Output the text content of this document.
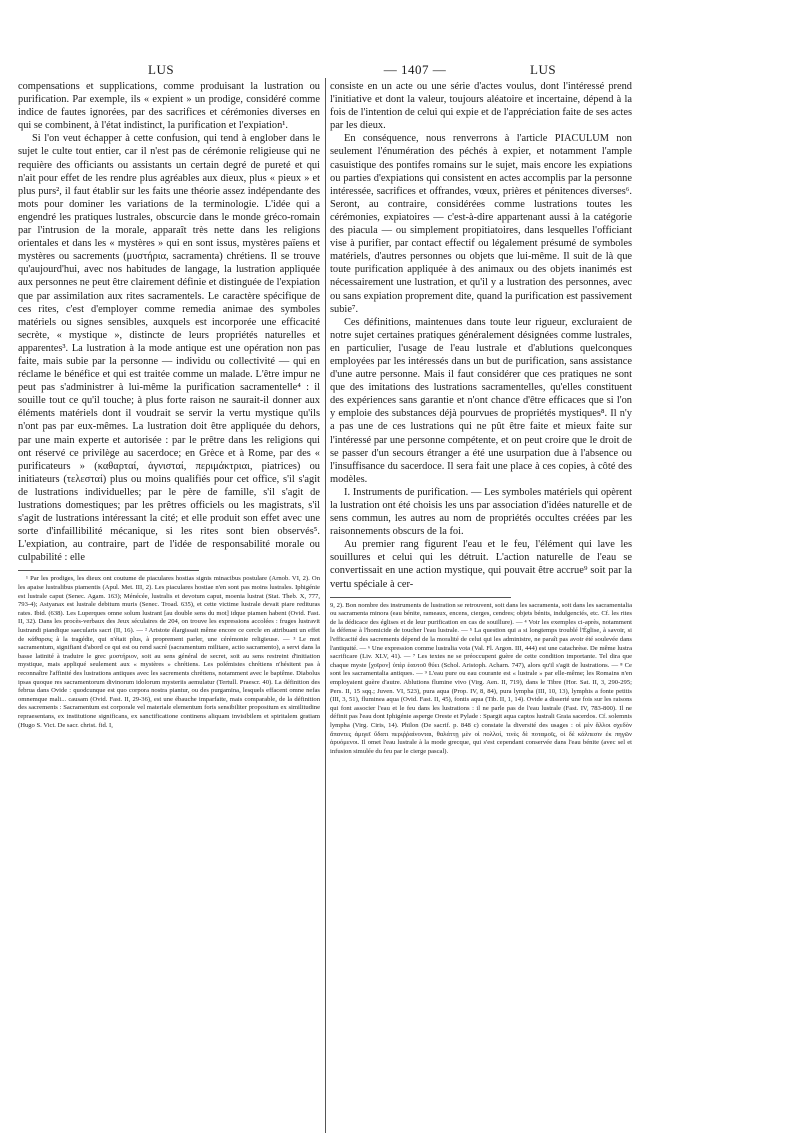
LUS	— 1407 —	LUS

compensations et supplications, comme produisant la lustration ou purification. Par exemple, ils « expient » un prodige, considéré comme indice de fautes ignorées, par des sacrifices et cérémonies diverses en qui se combinent, à l'état indistinct, la purification et l'expiation¹.

Si l'on veut échapper à cette confusion, qui tend à englober dans le sujet le culte tout entier, car il n'est pas de cérémonie religieuse qui ne requière des officiants ou assistants un certain degré de pureté et qui n'ait pour effet de les rendre plus agréables aux dieux, plus « pieux » et plus purs², il faut établir sur les faits une théorie assez indépendante des mots pour dominer les variations de la terminologie. L'idée qui a engendré les pratiques lustrales, obscurcie dans le monde gréco-romain par l'intrusion de la morale, apparaît très nette dans les religions orientales et dans les « mystères » qui en sont issus, mystères païens et mystères ou sacrements (μυστήρια, sacramenta) chrétiens. Il se trouve qu'aujourd'hui, avec nos habitudes de langage, la lustration appliquée aux personnes ne peut être clairement définie et distinguée de l'expiation que par assimilation aux rites sacramentels. Le caractère spécifique de ces rites, c'est d'employer comme remedia animae des symboles matériels ou signes sensibles, auxquels est incorporée une efficacité secrète, « mystique », distincte de leurs propriétés naturelles et apparentes³. La lustration à la mode antique est une opération non pas faite, mais subie par la personne — individu ou collectivité — qui en réclame le bénéfice et qui est traitée comme un malade. L'être impur ne peut pas s'administrer à lui-même la purification sacramentelle⁴ : il souille tout ce qu'il touche; à plus forte raison ne saurait-il donner aux éléments matériels dont il voudrait se servir la vertu mystique qu'ils n'ont pas par eux-mêmes. La lustration doit être appliquée du dehors, par une main experte et autorisée : par le prêtre dans les religions qui ont réservé ce privilège au sacerdoce; en Grèce et à Rome, par des « purificateurs » (καθαρταί, ἁγνισταί, περιμάκτριαι, piatrices) ou initiateurs (τελεσταί) plus ou moins qualifiés pour cet office, s'il s'agit de lustrations individuelles; par le père de famille, s'il s'agit de lustrations domestiques; par les prêtres officiels ou les magistrats, s'il s'agit de lustrations intéressant la cité; et elle produit son effet avec une sorte d'infaillibilité mécanique, si les rites sont bien observés⁵. L'expiation, au contraire, part de l'idée de responsabilité morale ou culpabilité : elle

¹ Par les prodiges, les dieux ont coutume de piaculares hostias signis minacibus postulare (Arnob. VI, 2). On les apaise lustralibus piamentis (Apul. Met. III, 2). Les piaculares hostiae n'en sont pas moins lustrales. Iphigénie est lustrale caput (Senec. Agam. 163); Ménécée, lustralis et devotum caput, moenia lustrat (Stat. Theb. X, 777, 793-4); Astyanax est lustrale debitum muris (Senec. Troad. 635), et cette victime lustrale devait piare redituras rates. Ibid. (638). Les Luperques omne solum lustrant [au double sens du mot] idque piamen habent (Ovid. Fast. II, 32). Dans les procès-verbaux des Jeux séculaires de 204, on trouve les expressions accolées : fruges lustravit lustrandi piandique saecularis sacri (II, 16). — ² Aristote élargissait même encore ce cercle en attribuant un effet de κάθαρσις à la tragédie, qui n'était plus, à proprement parler, une cérémonie religieuse. — ³ Le mot sacramentum, signifiant d'abord ce qui est ou rend sacré (sacramentum militare, actio sacramento), a servi dans la basse latinité à traduire le grec μυστήριον, soit au sens général de secret, soit au sens restreint d'initiation mystique, mais appliqué seulement aux « mystères » chrétiens. Les polémistes chrétiens n'hésitent pas à reconnaître l'affinité des lustrations antiques avec les sacrements chrétiens, notamment avec le baptême. Diabolus ipsas quoque res sacramentorum divinorum idolorum mysteriis aemulatur (Tertull. Praescr. 40). La définition des februa dans Ovide : quodcunque est quo corpora nostra piantur, ou des purgamina, lesquels effacent omne nefas omnemque mali... causam (Ovid. Fast. II, 29-36), est une ébauche imparfaite, mais comparable, de la définition des sacrements : Sacramentum est corporale vel materiale elementum foris sensibiliter propositum ex similitudine repraesentans, ex institutione significans, ex sanctificatione continens aliquam invisibilem et spiritalem gratiam (Hugo S. Vict. De sacr. christ. fid. I,

consiste en un acte ou une série d'actes voulus, dont l'intéressé prend l'initiative et dont la valeur, toujours aléatoire et incertaine, dépend à la fois de l'intention de celui qui expie et de l'appréciation faite de ses actes par les dieux.

En conséquence, nous renverrons à l'article PIACULUM non seulement l'énumération des péchés à expier, et notamment l'ample casuistique des pontifes romains sur le sujet, mais encore les expiations ou parties d'expiations qui consistent en actes accomplis par la personne intéressée, sacrifices et offrandes, vœux, prières et pénitences diverses⁶. Seront, au contraire, considérées comme lustrations toutes les cérémonies, expiatoires — c'est-à-dire appartenant aussi à la catégorie des piacula — ou simplement propitiatoires, dans lesquelles l'officiant vise à purifier, par contact effectif ou légalement présumé de symboles matériels, d'autres personnes ou objets que lui-même. Il suit de là que toute purification appliquée à des animaux ou des objets inanimés est nécessairement une lustration, et qu'il y a lustration des personnes, avec ou sans expiation proprement dite, quand la purification est passivement subie⁷.

Ces définitions, maintenues dans toute leur rigueur, excluraient de notre sujet certaines pratiques généralement désignées comme lustrales, en particulier, l'usage de l'eau lustrale et d'ablutions quelconques employées par les intéressés dans un but de purification, sans assistance d'une autre personne. Mais il faut considérer que ces pratiques ne sont que des imitations des lustrations sacramentelles, qu'elles constituent des expériences sans garantie et n'ont chance d'être efficaces que si l'on y emploie des substances déjà pourvues de propriétés mystiques⁸. Il n'y a pas une de ces lustrations qui ne pût être faite et mieux faite sur l'intéressé par une personne compétente, et on peut croire que le droit de se passer d'un secours étranger a été une usurpation due à l'absence ou l'insuffisance du sacerdoce. Il sera fait une place à ces copies, à côté des modèles.

I. Instruments de purification. — Les symboles matériels qui opèrent la lustration ont été choisis les uns par association d'idées naturelle et de sens commun, les autres au nom de propriétés occultes créées par les raisonnements obscurs de la foi.

Au premier rang figurent l'eau et le feu, l'élément qui lave les souillures et celui qui les détruit. L'action naturelle de l'eau se convertissait en une action mystique, qui pouvait être accrue⁹ soit par la vertu spéciale à cer-

9, 2). Bon nombre des instruments de lustration se retrouvent, soit dans les sacramenta, soit dans les sacramentalia ou sacramenta minora (eau bénite, rameaux, encens, cierges, cendres; objets bénits, indulgenciés, etc. Cf. les rites de la dédicace des églises et de leur purification en cas de souillure). — ⁴ Voir les exemples ci-après, notamment la défense à l'homicide de toucher l'eau lustrale. — ⁵ La question qui a si longtemps troublé l'Église, à savoir, si l'efficacité des sacrements dépend de la moralité de celui qui les administre, ne paraît pas avoir été soulevée dans l'antiquité. — ⁶ Une expression comme lustralia vota (Val. Fl. Argon. III, 444) est une catachrèse. De même lustra sacrificare (Liv. XLV, 41). — ⁷ Les textes ne se préoccupent guère de cette condition importante. Tel dira que chaque myste [χοῖρον] ὑπὲρ ἑαυτοῦ θύει (Schol. Aristoph. Acharn. 747), alors qu'il s'agit de lustrations. — ⁸ Ce sont les sacramentalia antiques. — ⁹ L'eau pure ou eau courante est « lustrale » par elle-même; les Romains n'en employaient guère d'autre. Ablutions flumine vivo (Virg. Aen. II, 719), dans le Tibre (Hor. Sat. II, 3, 290-295; Pers. II, 15 sqq.; Juven. VI, 523), pura aqua (Prop. IV, 8, 84), pura lympha (III, 10, 13), lymphis a fonte petitis (III, 3, 51), fluminea aqua (Ovid. Fast. II, 45), fontis aqua (Tib. II, 1, 14). Ovide a disserté une fois sur les raisons qui font associer l'eau et le feu dans les lustrations : il ne parle pas de l'eau lustrale (Fast. IV, 783-800). Il ne définit pas l'eau dont Iphigénie asperge Oreste et Pylade : Spargit aqua captos lustrali Graia sacerdos. Cf. solemnis lympha (Virg. Ciris, 14). Philon (De sacrif. p. 848 c) constate la diversité des usages : οἱ μὲν ἄλλοι σχεδὸν ἅπαντες ἀμιγεῖ ὕδατι περιῤῥαίνονται, θαλάττῃ μὲν οἱ πολλοί, τινὲς δὲ ποταμοῖς, οἱ δὲ κάλπεσιν ἐκ πηγῶν ἀρυόμενοι. Il omet l'eau lustrale à la mode grecque, qui s'est cependant conservée dans l'eau bénite (avec sel et infusion simulée du feu par le cierge pascal).
